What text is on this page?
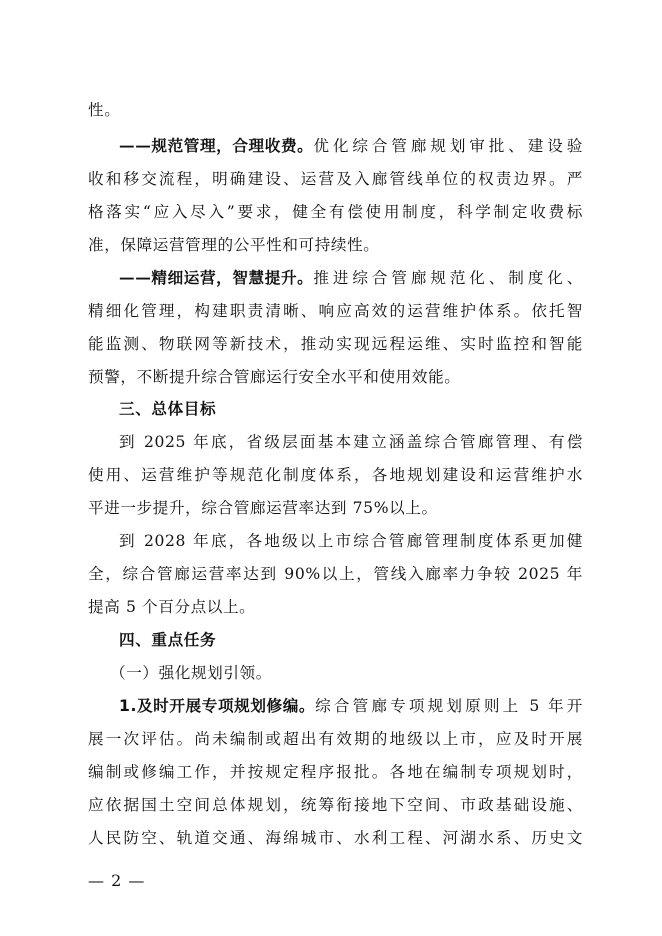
性。
——规范管理，合理收费。 优化综合管廊规划审批、建设验
收和移交流程，明确建设、运营及入廊管线单位的权责边界。严
格落实“应入尽入”要求，健全有偿使用制度，科学制定收费标
准，保障运营管理的公平性和可持续性。
——精细运营，智慧提升。 推进综合管廊规范化、制度化、
精细化管理，构建职责清晰、响应高效的运营维护体系。依托智
能监测、物联网等新技术，推动实现远程运维、实时监控和智能
预警，不断提升综合管廊运行安全水平和使用效能。
三、总体目标
到 2025 年底，省级层面基本建立涵盖综合管廊管理、有偿
使用、运营维护等规范化制度体系，各地规划建设和运营维护水
平进一步提升，综合管廊运营率达到 75%以上。
到 2028 年底，各地级以上市综合管廊管理制度体系更加健
全，综合管廊运营率达到 90%以上，管线入廊率力争较 2025 年
提高 5 个百分点以上。
四、重点任务
（一）强化规划引领。
1.及时开展专项规划修编。 综合管廊专项规划原则上 5 年开
展一次评估。尚未编制或超出有效期的地级以上市，应及时开展
编制或修编工作，并按规定程序报批。各地在编制专项规划时，
应依据国土空间总体规划，统筹衔接地下空间、市政基础设施、
人民防空、轨道交通、海绵城市、水利工程、河湖水系、历史文
— 2 —
